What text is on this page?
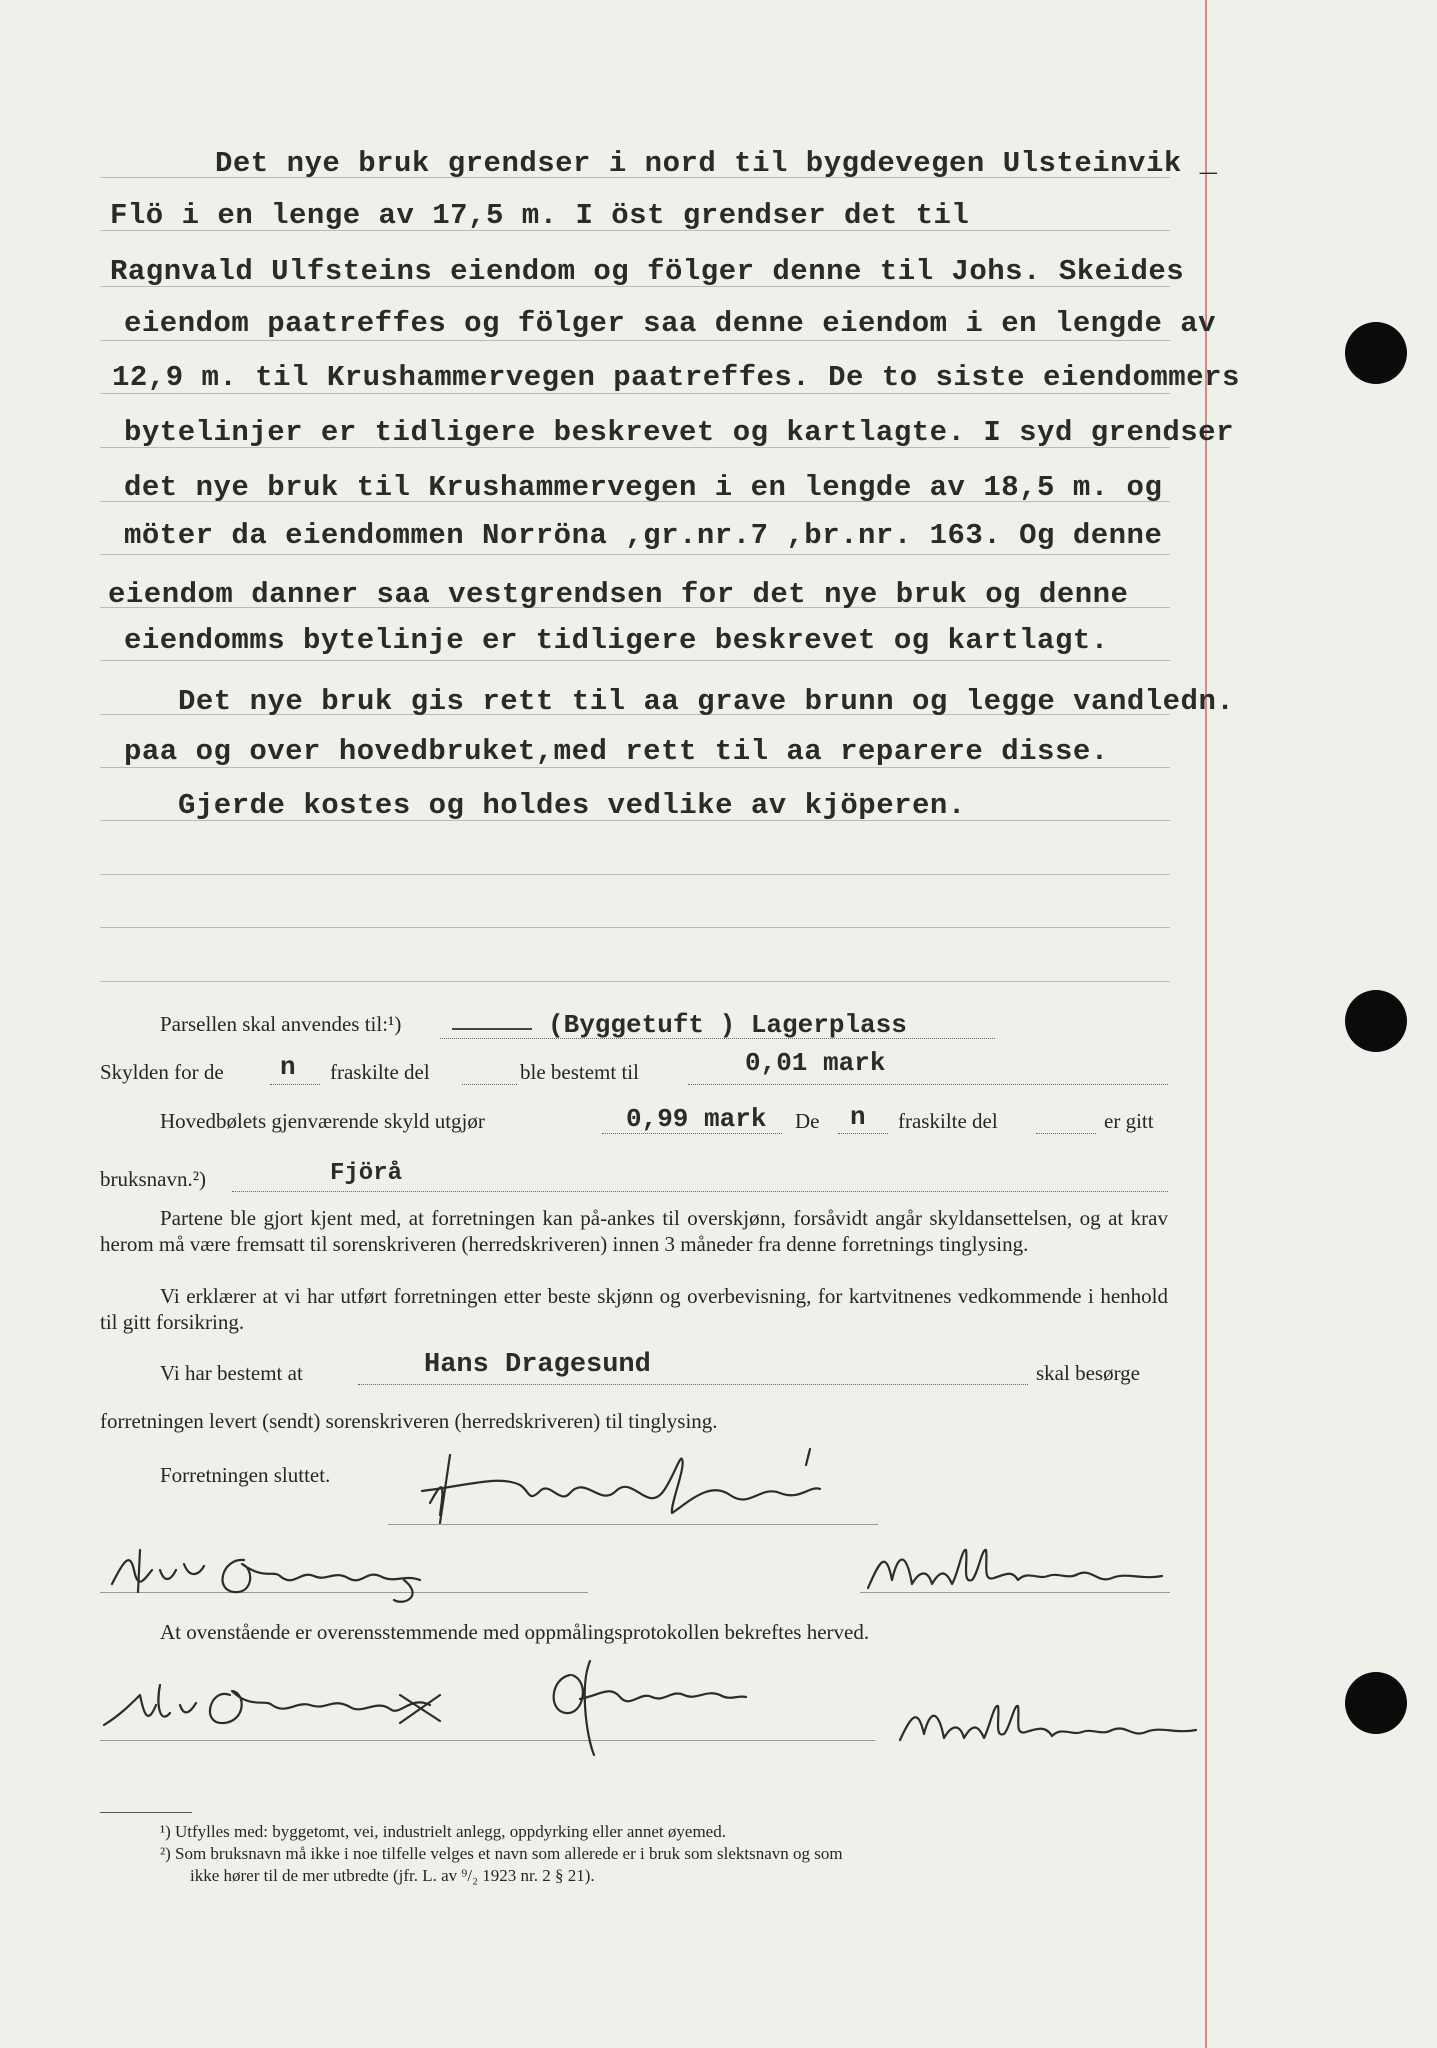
Det nye bruk grendser i nord til bygdevegen Ulsteinvik _
Flö i en lenge av 17,5 m. I öst grendser det til
Ragnvald Ulfsteins eiendom og fölger denne til Johs. Skeides
eiendom paatreffes og fölger saa denne eiendom i en lengde av
12,9 m. til Krushammervegen paatreffes. De to siste eiendommers
bytelinjer er tidligere beskrevet og kartlagte. I syd grendser
det nye bruk til Krushammervegen i en lengde av 18,5 m. og
möter da eiendommen Norröna ,gr.nr.7 ,br.nr. 163. Og denne
eiendom danner saa vestgrendsen for det nye bruk og denne
eiendomms bytelinje er tidligere beskrevet og kartlagt.
Det nye bruk gis rett til aa grave brunn og legge vandledn.
paa og over hovedbruket,med rett til aa reparere disse.
Gjerde kostes og holdes vedlike av kjöperen.
Parsellen skal anvendes til:¹)	(Byggetuft ) Lagerplass
Skylden for de n fraskilte del	ble bestemt til	0,01 mark
Hovedbølets gjenværende skyld utgjør	0,99 mark De n fraskilte del	er gitt
bruksnavn.²)	Fjörå
Partene ble gjort kjent med, at forretningen kan på-ankes til overskjønn, forsåvidt angår skyldansettelsen, og at krav herom må være fremsatt til sorenskriveren (herredskriveren) innen 3 måneder fra denne forretnings tinglysing.
Vi erklærer at vi har utført forretningen etter beste skjønn og overbevisning, for kartvitnenes vedkommende i henhold til gitt forsikring.
Vi har bestemt at	Hans Dragesund	skal besørge
forretningen levert (sendt) sorenskriveren (herredskriveren) til tinglysing.
Forretningen sluttet.
At ovenstående er overensstemmende med oppmålingsprotokollen bekreftes herved.
¹) Utfylles med: byggetomt, vei, industrielt anlegg, oppdyrking eller annet øyemed.
²) Som bruksnavn må ikke i noe tilfelle velges et navn som allerede er i bruk som slektsnavn og som
ikke hører til de mer utbredte (jfr. L. av ⁹/₂ 1923 nr. 2 § 21).
